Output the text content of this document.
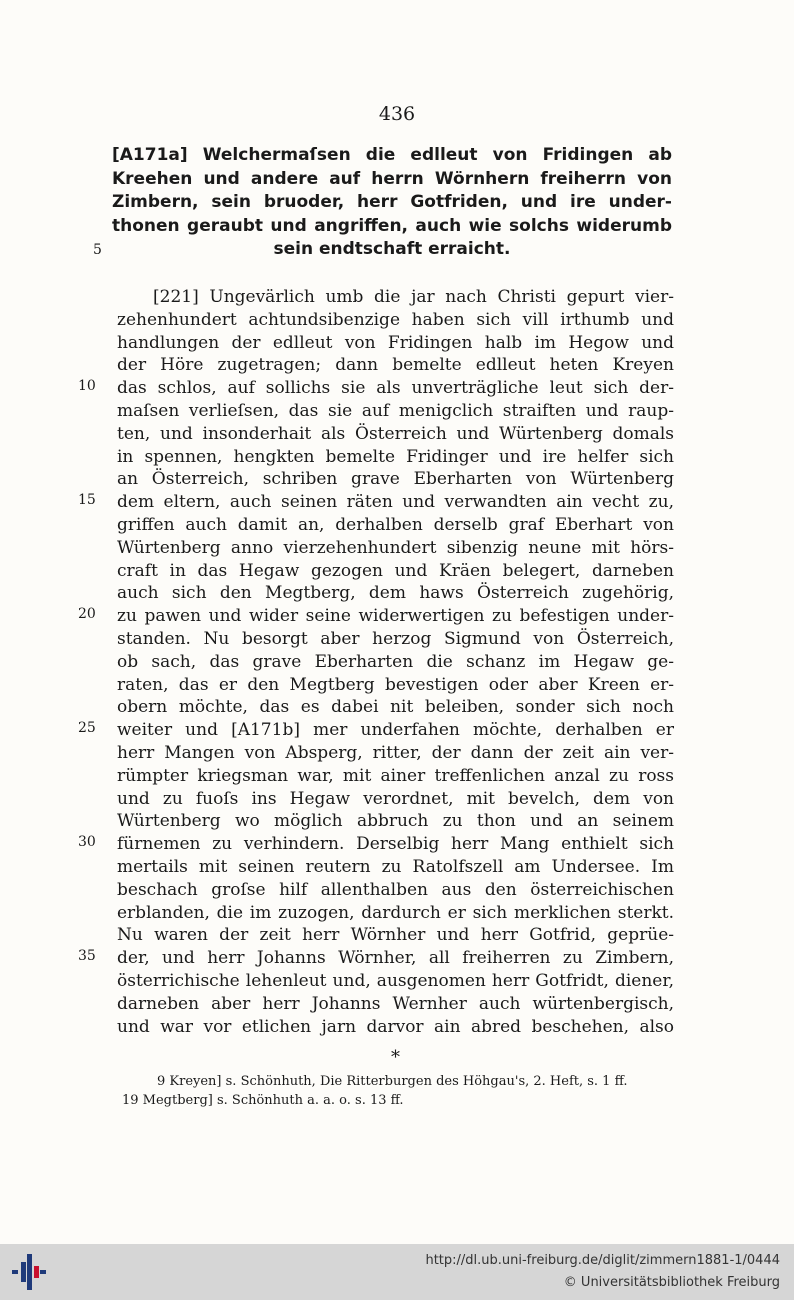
436
[A171a] Welchermaſsen die edlleut von Fridingen ab
Kreehen und andere auf herrn Wörnhern freiherrn von
Zimbern, sein bruoder, herr Gotfriden, und ire under-
thonen geraubt und angriffen, auch wie solchs widerumb
sein endtschaft erraicht.
5
[221] Ungevärlich umb die jar nach Christi gepurt vier-
zehenhundert achtundsibenzige haben sich vill irthumb und
handlungen der edlleut von Fridingen halb im Hegow und
der Höre zugetragen; dann bemelte edlleut heten Kreyen
das schlos, auf sollichs sie als unverträgliche leut sich der-
maſsen verlieſsen, das sie auf menigclich straiften und raup-
ten, und insonderhait als Österreich und Würtenberg domals
in spennen, hengkten bemelte Fridinger und ire helfer sich
an Österreich, schriben grave Eberharten von Würtenberg
dem eltern, auch seinen räten und verwandten ain vecht zu,
griffen auch damit an, derhalben derselb graf Eberhart von
Würtenberg anno vierzehenhundert sibenzig neune mit hörs-
craft in das Hegaw gezogen und Kräen belegert, darneben
auch sich den Megtberg, dem haws Österreich zugehörig,
zu pawen und wider seine widerwertigen zu befestigen under-
standen. Nu besorgt aber herzog Sigmund von Österreich,
ob sach, das grave Eberharten die schanz im Hegaw ge-
raten, das er den Megtberg bevestigen oder aber Kreen er-
obern möchte, das es dabei nit beleiben, sonder sich noch
weiter und [A171b] mer underfahen möchte, derhalben er
herr Mangen von Absperg, ritter, der dann der zeit ain ver-
rümpter kriegsman war, mit ainer treffenlichen anzal zu ross
und zu fuoſs ins Hegaw verordnet, mit bevelch, dem von
Würtenberg wo möglich abbruch zu thon und an seinem
fürnemen zu verhindern. Derselbig herr Mang enthielt sich
mertails mit seinen reutern zu Ratolfszell am Undersee. Im
beschach groſse hilf allenthalben aus den österreichischen
erblanden, die im zuzogen, dardurch er sich merklichen sterkt.
Nu waren der zeit herr Wörnher und herr Gotfrid, geprüe-
der, und herr Johanns Wörnher, all freiherren zu Zimbern,
österrichische lehenleut und, ausgenomen herr Gotfridt, diener,
darneben aber herr Johanns Wernher auch würtenbergisch,
und war vor etlichen jarn darvor ain abred beschehen, also
10
15
20
25
30
35
*
9 Kreyen] s. Schönhuth, Die Ritterburgen des Höhgau's, 2. Heft, s. 1 ff.
19 Megtberg] s. Schönhuth a. a. o. s. 13 ff.
http://dl.ub.uni-freiburg.de/diglit/zimmern1881-1/0444
© Universitätsbibliothek Freiburg
